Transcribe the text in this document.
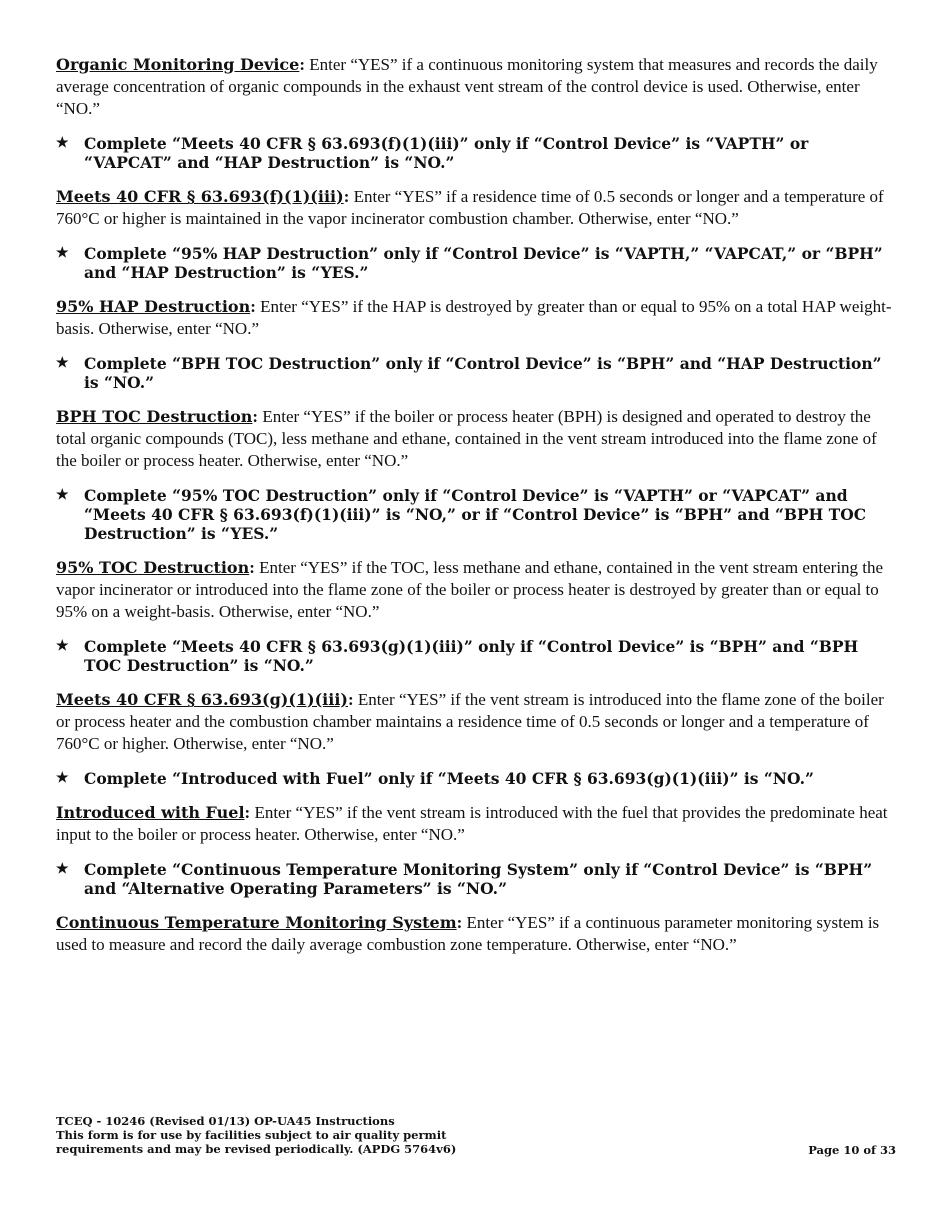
Organic Monitoring Device: Enter “YES” if a continuous monitoring system that measures and records the daily average concentration of organic compounds in the exhaust vent stream of the control device is used. Otherwise, enter “NO.”

★ Complete “Meets 40 CFR § 63.693(f)(1)(iii)” only if “Control Device” is “VAPTH” or “VAPCAT” and “HAP Destruction” is “NO.”

Meets 40 CFR § 63.693(f)(1)(iii): Enter “YES” if a residence time of 0.5 seconds or longer and a temperature of 760°C or higher is maintained in the vapor incinerator combustion chamber. Otherwise, enter “NO.”

★ Complete “95% HAP Destruction” only if “Control Device” is “VAPTH,” “VAPCAT,” or “BPH” and “HAP Destruction” is “YES.”

95% HAP Destruction: Enter “YES” if the HAP is destroyed by greater than or equal to 95% on a total HAP weight-basis. Otherwise, enter “NO.”

★ Complete “BPH TOC Destruction” only if “Control Device” is “BPH” and “HAP Destruction” is “NO.”

BPH TOC Destruction: Enter “YES” if the boiler or process heater (BPH) is designed and operated to destroy the total organic compounds (TOC), less methane and ethane, contained in the vent stream introduced into the flame zone of the boiler or process heater. Otherwise, enter “NO.”

★ Complete “95% TOC Destruction” only if “Control Device” is “VAPTH” or “VAPCAT” and “Meets 40 CFR § 63.693(f)(1)(iii)” is “NO,” or if “Control Device” is “BPH” and “BPH TOC Destruction” is “YES.”

95% TOC Destruction: Enter “YES” if the TOC, less methane and ethane, contained in the vent stream entering the vapor incinerator or introduced into the flame zone of the boiler or process heater is destroyed by greater than or equal to 95% on a weight-basis. Otherwise, enter “NO.”

★ Complete “Meets 40 CFR § 63.693(g)(1)(iii)” only if “Control Device” is “BPH” and “BPH TOC Destruction” is “NO.”

Meets 40 CFR § 63.693(g)(1)(iii): Enter “YES” if the vent stream is introduced into the flame zone of the boiler or process heater and the combustion chamber maintains a residence time of 0.5 seconds or longer and a temperature of 760°C or higher. Otherwise, enter “NO.”

★ Complete “Introduced with Fuel” only if “Meets 40 CFR § 63.693(g)(1)(iii)” is “NO.”

Introduced with Fuel: Enter “YES” if the vent stream is introduced with the fuel that provides the predominate heat input to the boiler or process heater. Otherwise, enter “NO.”

★ Complete “Continuous Temperature Monitoring System” only if “Control Device” is “BPH” and “Alternative Operating Parameters” is “NO.”

Continuous Temperature Monitoring System: Enter “YES” if a continuous parameter monitoring system is used to measure and record the daily average combustion zone temperature. Otherwise, enter “NO.”

TCEQ - 10246 (Revised 01/13) OP-UA45 Instructions
This form is for use by facilities subject to air quality permit
requirements and may be revised periodically. (APDG 5764v6)	Page 10 of 33
